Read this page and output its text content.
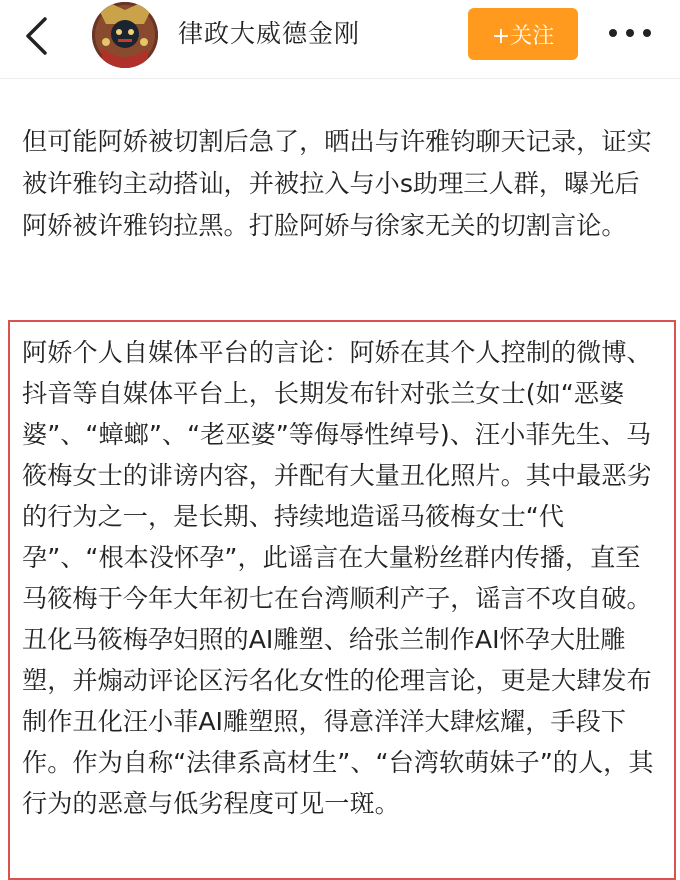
律政大威德金刚	+关注

但可能阿娇被切割后急了，晒出与许雅钧聊天记录，证实被许雅钧主动搭讪，并被拉入与小s助理三人群，曝光后阿娇被许雅钧拉黑。打脸阿娇与徐家无关的切割言论。

阿娇个人自媒体平台的言论：阿娇在其个人控制的微博、抖音等自媒体平台上，长期发布针对张兰女士(如“恶婆婆”、“蟑螂”、“老巫婆”等侮辱性绰号)、汪小菲先生、马筱梅女士的诽谤内容，并配有大量丑化照片。其中最恶劣的行为之一，是长期、持续地造谣马筱梅女士“代孕”、“根本没怀孕”，此谣言在大量粉丝群内传播，直至马筱梅于今年大年初七在台湾顺利产子，谣言不攻自破。丑化马筱梅孕妇照的AI雕塑、给张兰制作AI怀孕大肚雕塑，并煽动评论区污名化女性的伦理言论，更是大肆发布制作丑化汪小菲AI雕塑照，得意洋洋大肆炫耀，手段下作。作为自称“法律系高材生”、“台湾软萌妹子”的人，其行为的恶意与低劣程度可见一斑。
